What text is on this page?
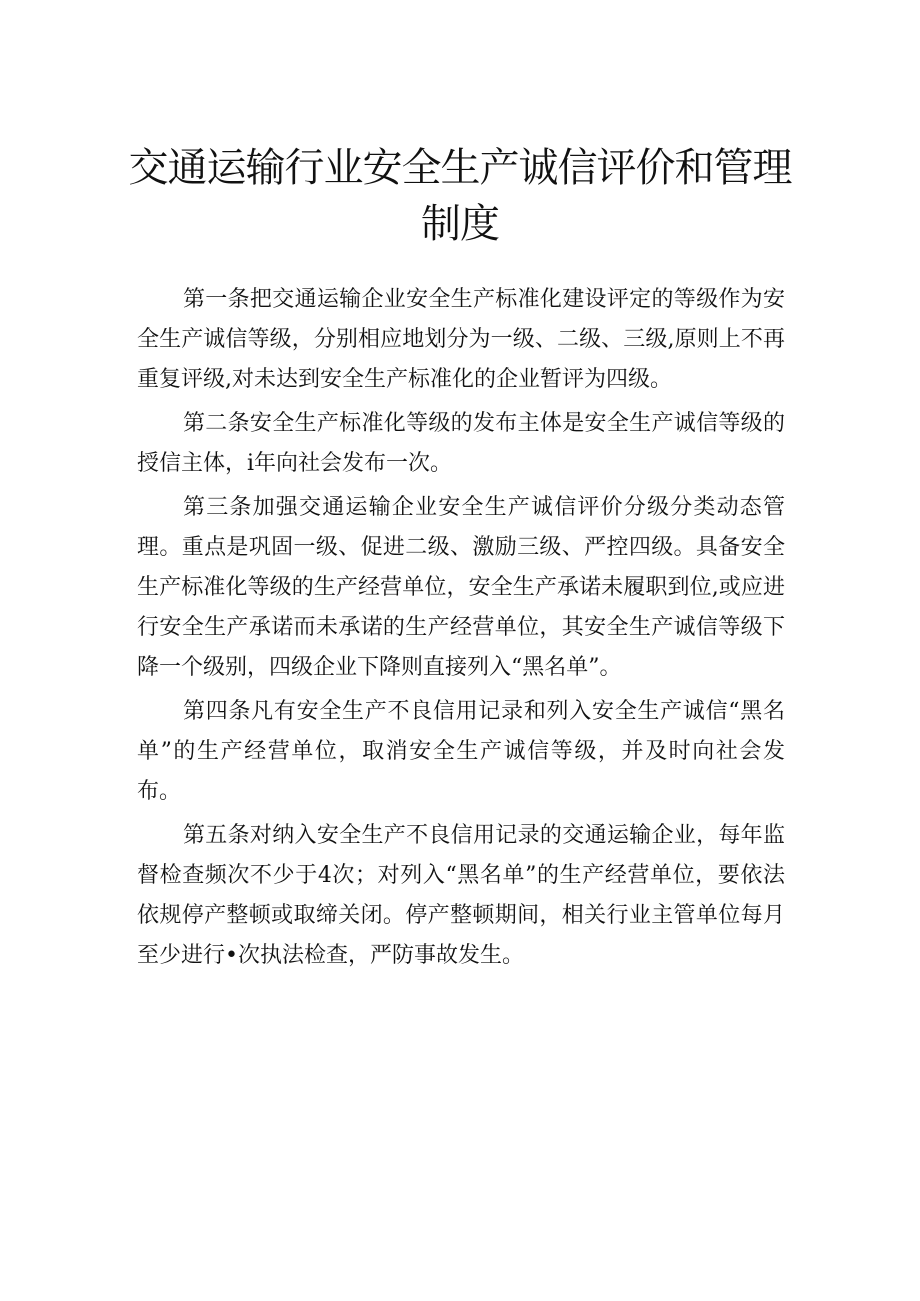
交通运输行业安全生产诚信评价和管理
制度

第一条把交通运输企业安全生产标准化建设评定的等级作为安全生产诚信等级，分别相应地划分为一级、二级、三级,原则上不再重复评级,对未达到安全生产标准化的企业暂评为四级。

第二条安全生产标准化等级的发布主体是安全生产诚信等级的授信主体，i年向社会发布一次。

第三条加强交通运输企业安全生产诚信评价分级分类动态管理。重点是巩固一级、促进二级、激励三级、严控四级。具备安全生产标准化等级的生产经营单位，安全生产承诺未履职到位,或应进行安全生产承诺而未承诺的生产经营单位，其安全生产诚信等级下降一个级别，四级企业下降则直接列入“黑名单”。

第四条凡有安全生产不良信用记录和列入安全生产诚信“黑名单”的生产经营单位，取消安全生产诚信等级，并及时向社会发布。

第五条对纳入安全生产不良信用记录的交通运输企业，每年监督检查频次不少于4次；对列入“黑名单”的生产经营单位，要依法依规停产整顿或取缔关闭。停产整顿期间，相关行业主管单位每月至少进行•次执法检查，严防事故发生。
